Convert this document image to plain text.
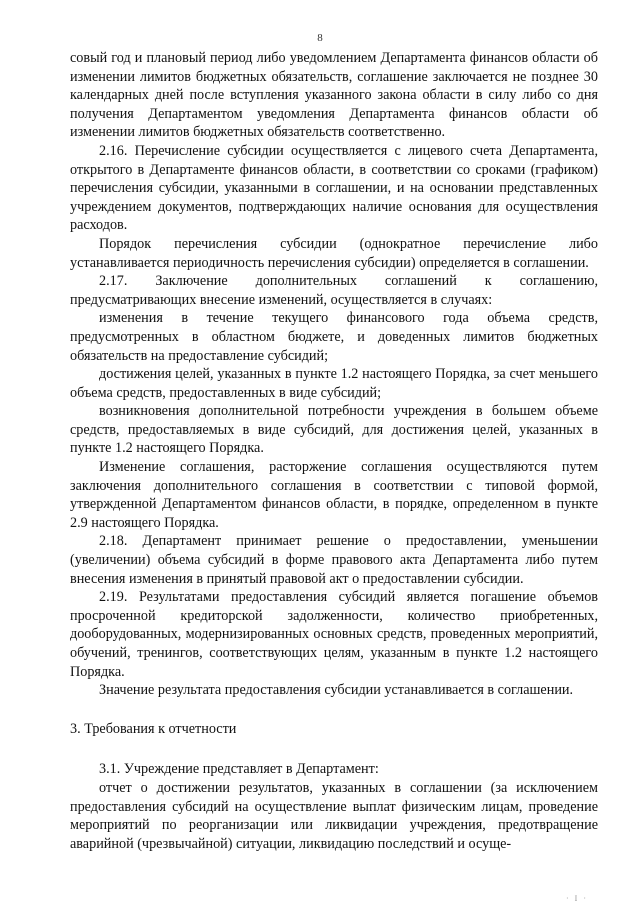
8

совый год и плановый период либо уведомлением Департамента финансов области об изменении лимитов бюджетных обязательств, соглашение заключается не позднее 30 календарных дней после вступления указанного закона области в силу либо со дня получения Департаментом уведомления Департамента финансов области об изменении лимитов бюджетных обязательств соответственно.

2.16. Перечисление субсидии осуществляется с лицевого счета Департамента, открытого в Департаменте финансов области, в соответствии со сроками (графиком) перечисления субсидии, указанными в соглашении, и на основании представленных учреждением документов, подтверждающих наличие основания для осуществления расходов.

Порядок перечисления субсидии (однократное перечисление либо устанавливается периодичность перечисления субсидии) определяется в соглашении.

2.17. Заключение дополнительных соглашений к соглашению, предусматривающих внесение изменений, осуществляется в случаях:

изменения в течение текущего финансового года объема средств, предусмотренных в областном бюджете, и доведенных лимитов бюджетных обязательств на предоставление субсидий;

достижения целей, указанных в пункте 1.2 настоящего Порядка, за счет меньшего объема средств, предоставленных в виде субсидий;

возникновения дополнительной потребности учреждения в большем объеме средств, предоставляемых в виде субсидий, для достижения целей, указанных в пункте 1.2 настоящего Порядка.

Изменение соглашения, расторжение соглашения осуществляются путем заключения дополнительного соглашения в соответствии с типовой формой, утвержденной Департаментом финансов области, в порядке, определенном в пункте 2.9 настоящего Порядка.

2.18. Департамент принимает решение о предоставлении, уменьшении (увеличении) объема субсидий в форме правового акта Департамента либо путем внесения изменения в принятый правовой акт о предоставлении субсидии.

2.19. Результатами предоставления субсидий является погашение объемов просроченной кредиторской задолженности, количество приобретенных, дооборудованных, модернизированных основных средств, проведенных мероприятий, обучений, тренингов, соответствующих целям, указанным в пункте 1.2 настоящего Порядка.

Значение результата предоставления субсидии устанавливается в соглашении.

3. Требования к отчетности

3.1. Учреждение представляет в Департамент:

отчет о достижении результатов, указанных в соглашении (за исключением предоставления субсидий на осуществление выплат физическим лицам, проведение мероприятий по реорганизации или ликвидации учреждения, предотвращение аварийной (чрезвычайной) ситуации, ликвидацию последствий и осуще-

· I ·
